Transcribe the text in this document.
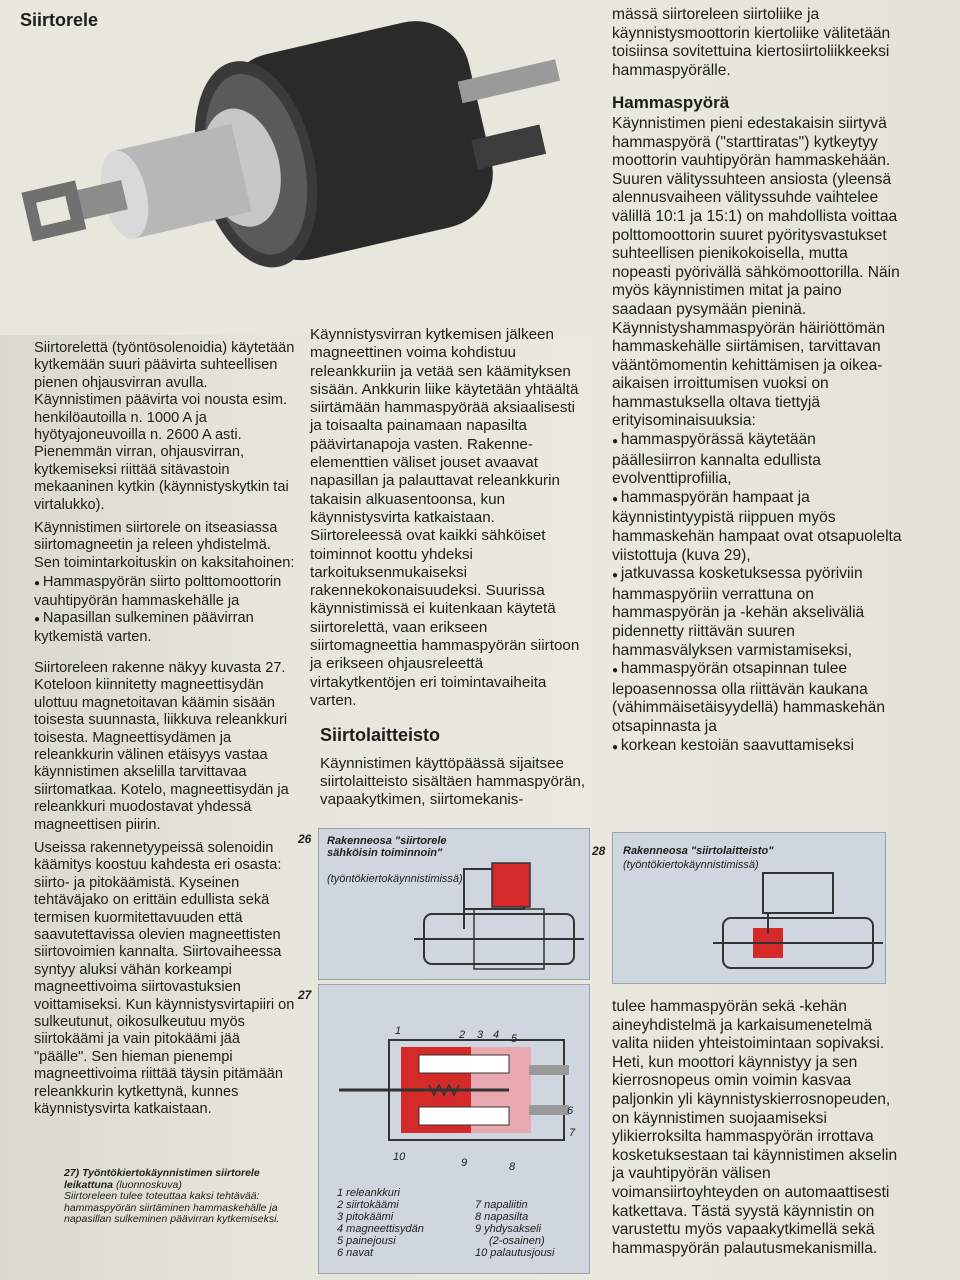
Siirtorele

Siirtorelettä (työntösolenoidia) käytetään kytkemään suuri päävirta suhteellisen pienen ohjausvirran avulla. Käynnistimen päävirta voi nousta esim. henkilöautoilla n. 1000 A ja hyötyajoneuvoilla n. 2600 A asti. Pienemmän virran, ohjausvirran, kytkemiseksi riittää sitävastoin mekaaninen kytkin (käynnistyskytkin tai virtalukko).

Käynnistimen siirtorele on itseasiassa siirtomagneetin ja releen yhdistelmä. Sen toimintarkoituskin on kaksitahoinen:

● Hammaspyörän siirto polttomoottorin vauhtipyörän hammaskehälle ja

● Napasillan sulkeminen päävirran kytkemistä varten.

Siirtoreleen rakenne näkyy kuvasta 27. Koteloon kiinnitetty magneettisydän ulottuu magnetoitavan käämin sisään toisesta suunnasta, liikkuva releankkuri toisesta. Magneettisydämen ja releankkurin välinen etäisyys vastaa käynnistimen akselilla tarvittavaa siirtomatkaa. Kotelo, magneettisydän ja releankkuri muodostavat yhdessä magneettisen piirin.

Useissa rakennetyypeissä solenoidin käämitys koostuu kahdesta eri osasta: siirto- ja pitokäämistä. Kyseinen tehtäväjako on erittäin edullista sekä termisen kuormitettavuuden että saavutettavissa olevien magneettisten siirtovoimien kannalta. Siirtovaiheessa syntyy aluksi vähän korkeampi magneettivoima siirtovastuksien voittamiseksi. Kun käynnistysvirtapiiri on sulkeutunut, oikosulkeutuu myös siirtokäämi ja vain pitokäämi jää "päälle". Sen hieman pienempi magneettivoima riittää täysin pitämään releankkurin kytkettynä, kunnes käynnistysvirta katkaistaan.

27) Työntökiertokäynnistimen siirtorele leikattuna (luonnoskuva)
Siirtoreleen tulee toteuttaa kaksi tehtävää: hammaspyörän siirtäminen hammaskehälle ja napasillan sulkeminen päävirran kytkemiseksi.

Käynnistysvirran kytkemisen jälkeen magneettinen voima kohdistuu releankkuriin ja vetää sen käämityksen sisään. Ankkurin liike käytetään yhtäältä siirtämään hammaspyörää aksiaalisesti ja toisaalta painamaan napasilta päävirtanapoja vasten. Rakenne-elementtien väliset jouset avaavat napasillan ja palauttavat releankkurin takaisin alkuasentoonsa, kun käynnistysvirta katkaistaan. Siirtoreleessä ovat kaikki sähköiset toiminnot koottu yhdeksi tarkoituksenmukaiseksi rakennekokonaisuudeksi. Suurissa käynnistimissä ei kuitenkaan käytetä siirtorelettä, vaan erikseen siirtomagneettia hammaspyörän siirtoon ja erikseen ohjausreleettä virtakytkentöjen eri toimintavaiheita varten.

Siirtolaitteisto

Käynnistimen käyttöpäässä sijaitsee siirtolaitteisto sisältäen hammaspyörän, vapaakytkimen, siirtomekanis-

mässä siirtoreleen siirtoliike ja käynnistysmoottorin kiertoliike välitetään toisiinsa sovitettuina kiertosiirtoliikkeeksi hammaspyörälle.

Hammaspyörä

Käynnistimen pieni edestakaisin siirtyvä hammaspyörä ("starttiratas") kytkeytyy moottorin vauhtipyörän hammaskehään. Suuren välityssuhteen ansiosta (yleensä alennusvaiheen välityssuhde vaihtelee välillä 10:1 ja 15:1) on mahdollista voittaa polttomoottorin suuret pyöritysvastukset suhteellisen pienikokoisella, mutta nopeasti pyörivällä sähkömoottorilla. Näin myös käynnistimen mitat ja paino saadaan pysymään pieninä.

Käynnistyshammaspyörän häiriöttömän hammaskehälle siirtämisen, tarvittavan vääntömomentin kehittämisen ja oikea-aikaisen irroittumisen vuoksi on hammastuksella oltava tiettyjä erityisominaisuuksia:

● hammaspyörässä käytetään päällesiirron kannalta edullista evolventtiprofiilia,

● hammaspyörän hampaat ja käynnistintyypistä riippuen myös hammaskehän hampaat ovat otsapuolelta viistottuja (kuva 29),

● jatkuvassa kosketuksessa pyöriviin hammaspyöriin verrattuna on hammaspyörän ja -kehän akseliväliä pidennetty riittävän suuren hammasvälyksen varmistamiseksi,

● hammaspyörän otsapinnan tulee lepoasennossa olla riittävän kaukana (vähimmäisetäisyydellä) hammaskehän otsapinnasta ja

● korkean kestoiän saavuttamiseksi

tulee hammaspyörän sekä -kehän aineyhdistelmä ja karkaisumenetelmä valita niiden yhteistoimintaan sopivaksi.

Heti, kun moottori käynnistyy ja sen kierrosnopeus omin voimin kasvaa paljonkin yli käynnistyskierrosnopeuden, on käynnistimen suojaamiseksi ylikierroksilta hammaspyörän irrottava kosketuksestaan tai käynnistimen akselin ja vauhtipyörän välisen voimansiirtoyhteyden on automaattisesti katkettava. Tästä syystä käynnistin on varustettu myös vapaakytkimellä sekä hammaspyörän palautusmekanismilla.

26 Rakenneosa "siirtorele sähköisin toiminnoin"
(työntökiertokäynnistimissä)
28 Rakenneosa "siirtolaitteisto"
(työntökiertokäynnistimissä)
27
1	2 3 4 5
6
7
8
9
10
1 releankkuri
2 siirtokäämi
3 pitokäämi
4 magneettisydän
5 painejousi
6 navat
7 napaliitin
8 napasilta
9 yhdysakseli
(2-osainen)
10 palautusjousi
